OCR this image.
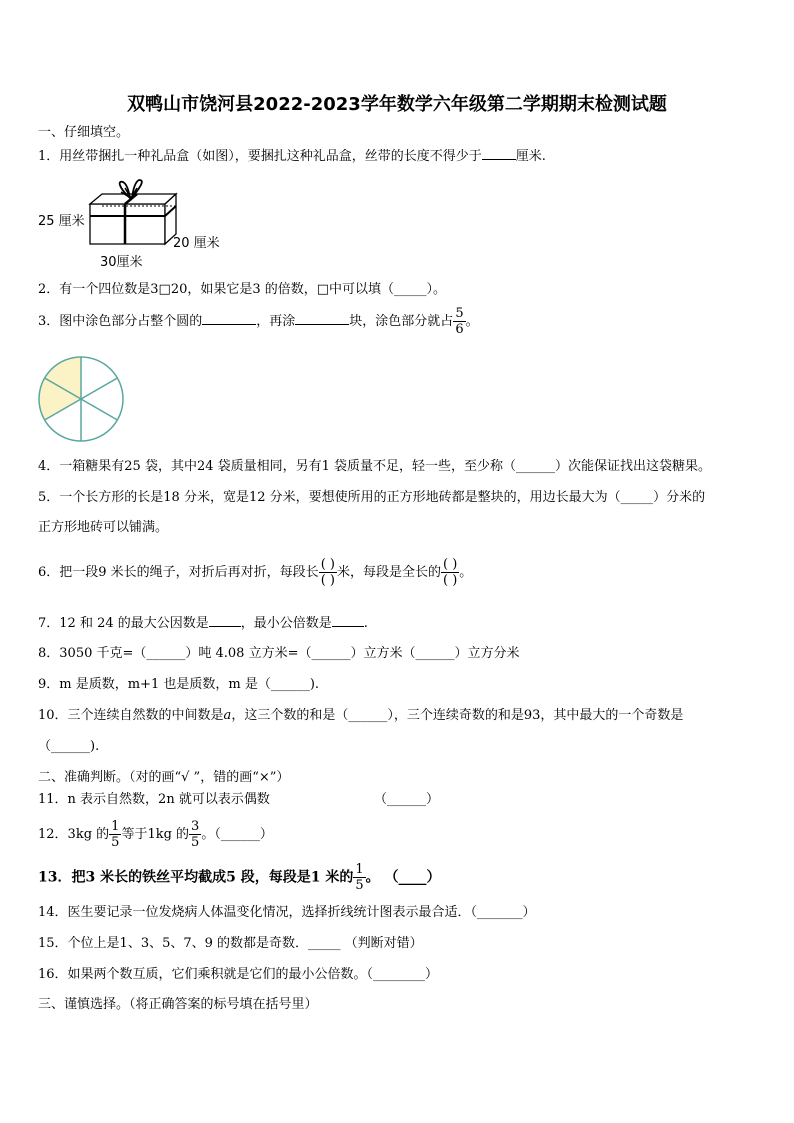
双鸭山市饶河县2022-2023学年数学六年级第二学期期末检测试题
一、仔细填空。
1．用丝带捆扎一种礼品盒（如图），要捆扎这种礼品盒，丝带的长度不得少于	厘米.
25 厘米
20 厘米
30厘米
2．有一个四位数是3□20，如果它是3 的倍数，□中可以填（_____）。
3．图中涂色部分占整个圆的	，再涂	块，涂色部分就占 $\frac{5}{6}$ 。
4．一箱糖果有25 袋，其中24 袋质量相同，另有1 袋质量不足，轻一些，至少称（______）次能保证找出这袋糖果。
5．一个长方形的长是18 分米，宽是12 分米，要想使所用的正方形地砖都是整块的，用边长最大为（_____）分米的
正方形地砖可以铺满。
6．把一段9 米长的绳子，对折后再对折，每段长 $\frac{( )}{( )}$ 米，每段是全长的 $\frac{( )}{( )}$ 。
7．12 和 24 的最大公因数是 ，最小公倍数是 .
8．3050 千克=（______）吨 4.08 立方米=（______）立方米（______）立方分米
9．m 是质数，m+1 也是质数，m 是（______).
10．三个连续自然数的中间数是a，这三个数的和是（______），三个连续奇数的和是93，其中最大的一个奇数是
（______).
二、准确判断。（对的画“√ ”，错的画“×”）
11．n 表示自然数，2n 就可以表示偶数	（______）
12．3kg 的 $\frac{1}{5}$ 等于1kg 的 $\frac{3}{5}$ 。（______）
13．把3 米长的铁丝平均截成5 段，每段是1 米的 $\frac{1}{5}$ 。 （____）
14．医生要记录一位发烧病人体温变化情况，选择折线统计图表示最合适．（_______）
15．个位上是1、3、5、7、9 的数都是奇数．_____ （判断对错）
16．如果两个数互质，它们乘积就是它们的最小公倍数。（________）
三、谨慎选择。（将正确答案的标号填在括号里）
